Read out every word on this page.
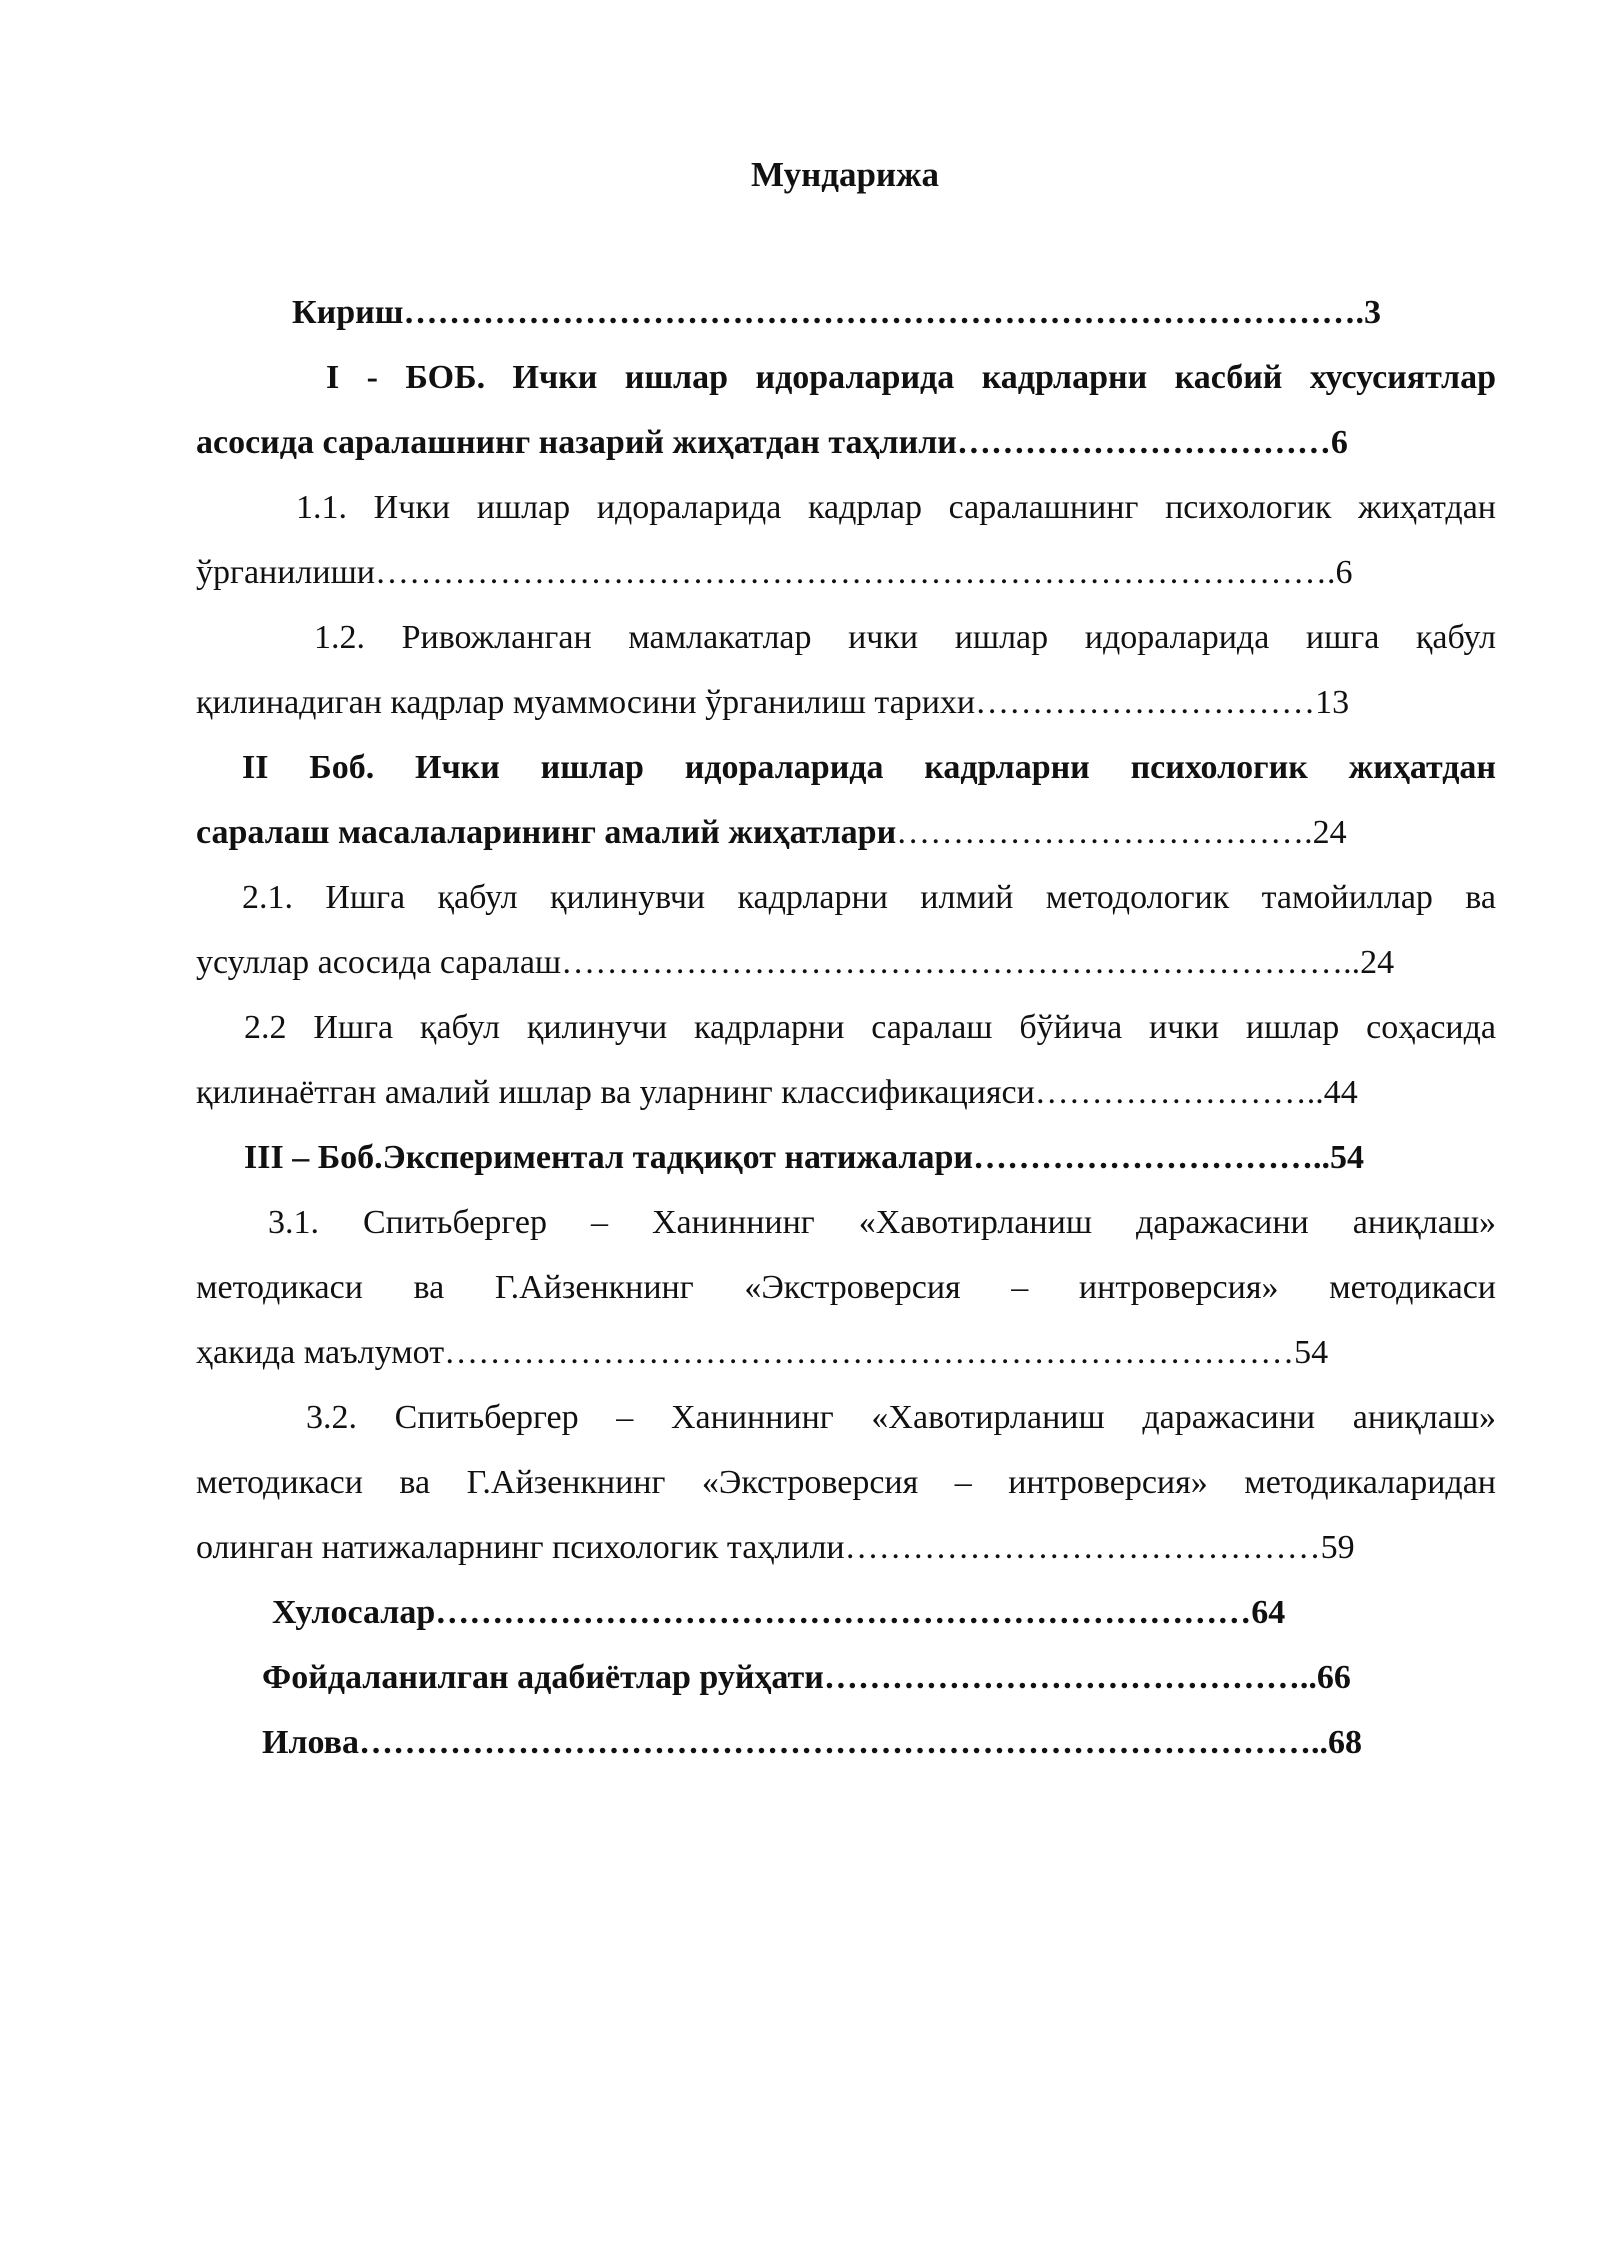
Мундарижа
Кириш………………………………………………………………………….3
I - БОБ. Ички ишлар идораларида кадрларни касбий хусусиятлар
асосида саралашнинг назарий жиҳатдан таҳлили……………………………6
1.1. Ички ишлар идораларида кадрлар саралашнинг психологик жиҳатдан
ўрганилиши………………………………………………………………………….6
1.2. Ривожланган мамлакатлар ички ишлар идораларида ишга қабул
қилинадиган кадрлар муаммосини ўрганилиш тарихи…………………………13
II Боб. Ички ишлар идораларида кадрларни психологик жиҳатдан
саралаш масалаларининг амалий жиҳатлари……………………………….24
2.1. Ишга қабул қилинувчи кадрларни илмий методологик тамойиллар ва
усуллар асосида саралаш……………………………………………………………..24
2.2 Ишга қабул қилинучи кадрларни саралаш бўйича ички ишлар соҳасида
қилинаётган амалий ишлар ва уларнинг классификацияси……………………..44
III – Боб.Экспериментал тадқиқот натижалари…………………………..54
3.1. Спитьбергер – Ханиннинг «Хавотирланиш даражасини аниқлаш»
методикаси ва Г.Айзенкнинг «Экстроверсия – интроверсия» методикаси
ҳакида маълумот…………………………………………………………………54
3.2. Спитьбергер – Ханиннинг «Хавотирланиш даражасини аниқлаш»
методикаси ва Г.Айзенкнинг «Экстроверсия – интроверсия» методикаларидан
олинган натижаларнинг психологик таҳлили……………………………………59
Хулосалар………………………………………………………………64
Фойдаланилган адабиётлар руйҳати……………………………………..66
Илова…………………………………………………………………………..68
